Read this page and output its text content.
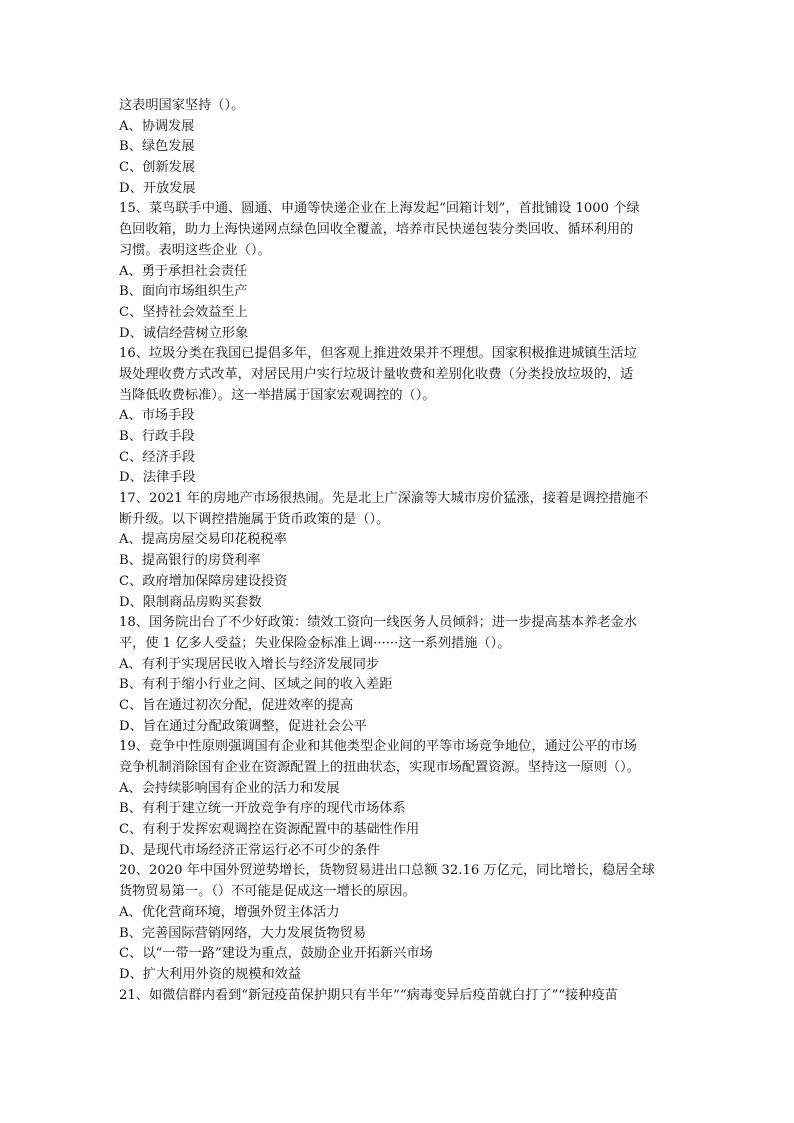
这表明国家坚持（）。
A、协调发展
B、绿色发展
C、创新发展
D、开放发展
15、菜鸟联手中通、圆通、申通等快递企业在上海发起“回箱计划”，首批铺设 1000 个绿
色回收箱，助力上海快递网点绿色回收全覆盖，培养市民快递包装分类回收、循环利用的
习惯。表明这些企业（）。
A、勇于承担社会责任
B、面向市场组织生产
C、坚持社会效益至上
D、诚信经营树立形象
16、垃圾分类在我国已提倡多年，但客观上推进效果并不理想。国家积极推进城镇生活垃
圾处理收费方式改革，对居民用户实行垃圾计量收费和差别化收费（分类投放垃圾的，适
当降低收费标准）。这一举措属于国家宏观调控的（）。
A、市场手段
B、行政手段
C、经济手段
D、法律手段
17、2021 年的房地产市场很热闹。先是北上广深渝等大城市房价猛涨，接着是调控措施不
断升级。以下调控措施属于货币政策的是（）。
A、提高房屋交易印花税税率
B、提高银行的房贷利率
C、政府增加保障房建设投资
D、限制商品房购买套数
18、国务院出台了不少好政策：绩效工资向一线医务人员倾斜；进一步提高基本养老金水
平，使 1 亿多人受益；失业保险金标准上调······这一系列措施（）。
A、有利于实现居民收入增长与经济发展同步
B、有利于缩小行业之间、区域之间的收入差距
C、旨在通过初次分配，促进效率的提高
D、旨在通过分配政策调整，促进社会公平
19、竞争中性原则强调国有企业和其他类型企业间的平等市场竞争地位，通过公平的市场
竞争机制消除国有企业在资源配置上的扭曲状态，实现市场配置资源。坚持这一原则（）。
A、会持续影响国有企业的活力和发展
B、有利于建立统一开放竞争有序的现代市场体系
C、有利于发挥宏观调控在资源配置中的基础性作用
D、是现代市场经济正常运行必不可少的条件
20、2020 年中国外贸逆势增长，货物贸易进出口总额 32.16 万亿元，同比增长，稳居全球
货物贸易第一。（）不可能是促成这一增长的原因。
A、优化营商环境，增强外贸主体活力
B、完善国际营销网络，大力发展货物贸易
C、以“一带一路”建设为重点，鼓励企业开拓新兴市场
D、扩大利用外资的规模和效益
21、如微信群内看到“新冠疫苗保护期只有半年”“病毒变异后疫苗就白打了”“接种疫苗
